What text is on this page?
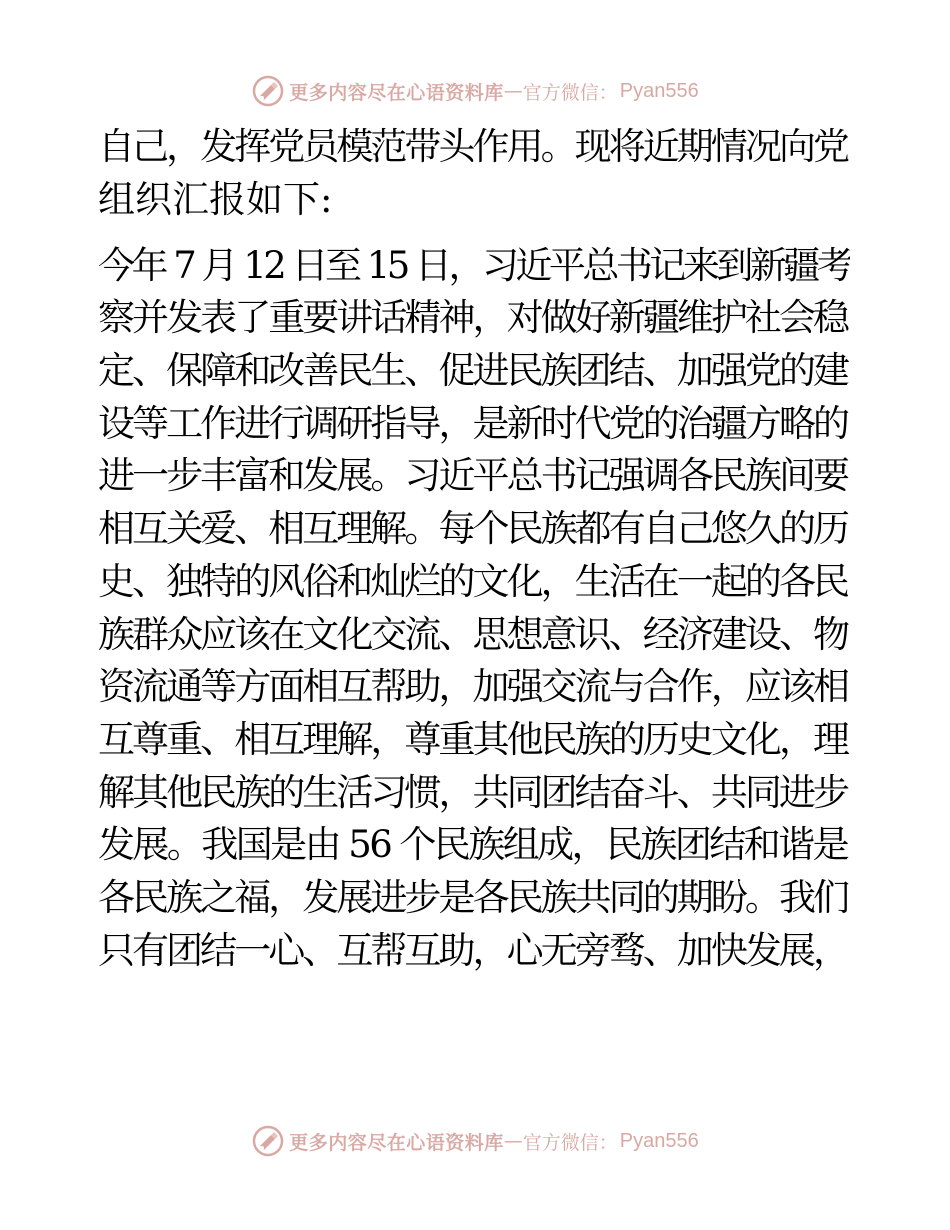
更多内容尽在心语资料库 — 官方微信： Pyan556

自己，发挥党员模范带头作用。现将近期情况向党
组织汇报如下:

今年 7 月 12 日至 15 日，习近平总书记来到新疆考
察并发表了重要讲话精神，对做好新疆维护社会稳
定、保障和改善民生、促进民族团结、加强党的建
设等工作进行调研指导，是新时代党的治疆方略的
进一步丰富和发展。习近平总书记强调各民族间要
相互关爱、相互理解。每个民族都有自己悠久的历
史、独特的风俗和灿烂的文化，生活在一起的各民
族群众应该在文化交流、思想意识、经济建设、物
资流通等方面相互帮助，加强交流与合作，应该相
互尊重、相互理解，尊重其他民族的历史文化，理
解其他民族的生活习惯，共同团结奋斗、共同进步
发展。我国是由 56 个民族组成，民族团结和谐是
各民族之福，发展进步是各民族共同的期盼。我们
只有团结一心、互帮互助，心无旁骛、加快发展，

更多内容尽在心语资料库 — 官方微信： Pyan556
